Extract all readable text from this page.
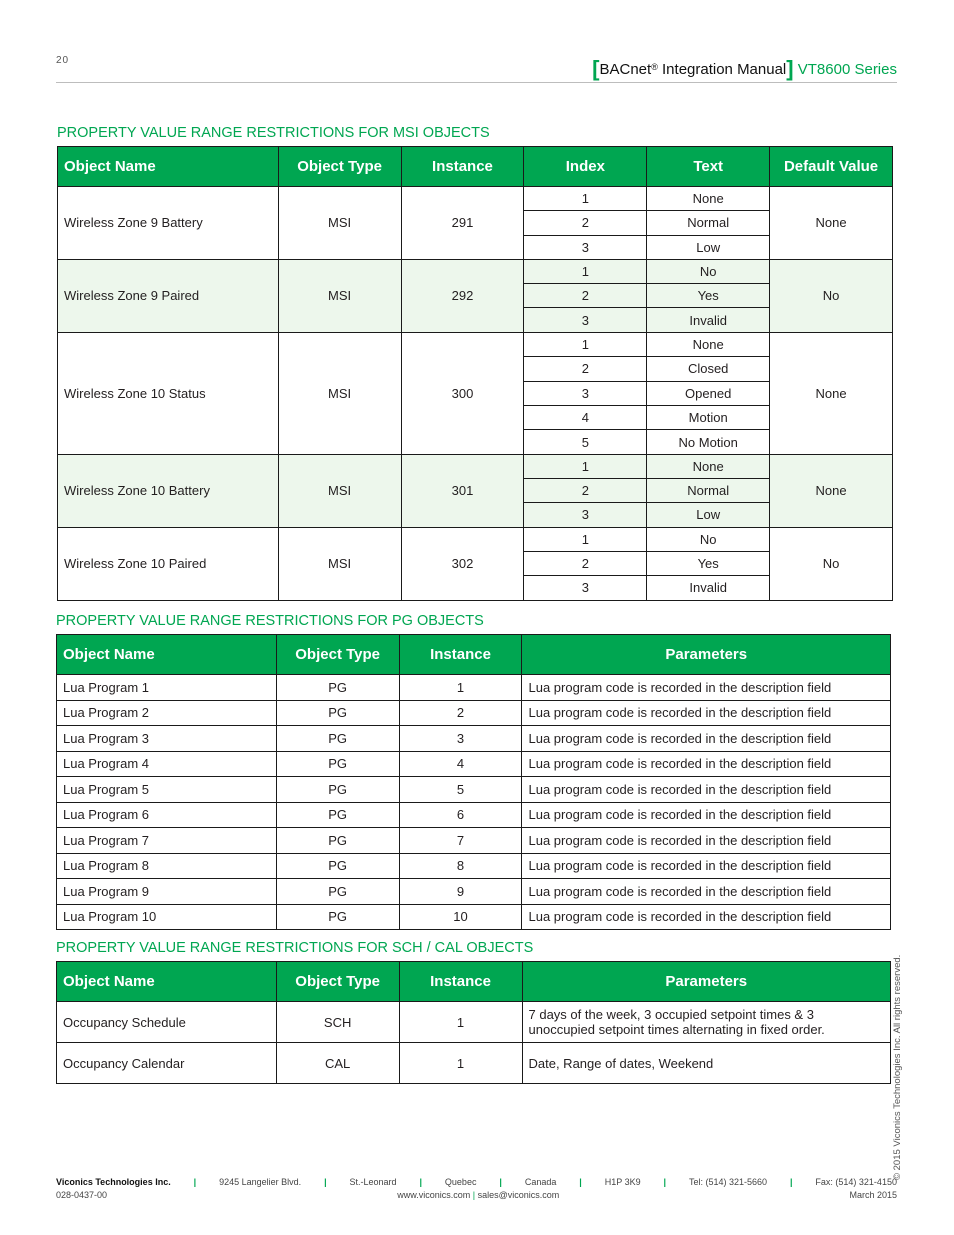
20	[BACnet® Integration Manual] VT8600 Series
PROPERTY VALUE RANGE RESTRICTIONS FOR MSI OBJECTS
Object Name	Object Type	Instance	Index	Text	Default Value
Wireless Zone 9 Battery	MSI	291	1	None	None
			2	Normal	
			3	Low	
Wireless Zone 9 Paired	MSI	292	1	No	No
			2	Yes	
			3	Invalid	
Wireless Zone 10 Status	MSI	300	1	None	None
			2	Closed	
			3	Opened	
			4	Motion	
			5	No Motion	
Wireless Zone 10 Battery	MSI	301	1	None	None
			2	Normal	
			3	Low	
Wireless Zone 10 Paired	MSI	302	1	No	No
			2	Yes	
			3	Invalid	
PROPERTY VALUE RANGE RESTRICTIONS FOR PG OBJECTS
Object Name	Object Type	Instance	Parameters
Lua Program 1	PG	1	Lua program code is recorded in the description field
Lua Program 2	PG	2	Lua program code is recorded in the description field
Lua Program 3	PG	3	Lua program code is recorded in the description field
Lua Program 4	PG	4	Lua program code is recorded in the description field
Lua Program 5	PG	5	Lua program code is recorded in the description field
Lua Program 6	PG	6	Lua program code is recorded in the description field
Lua Program 7	PG	7	Lua program code is recorded in the description field
Lua Program 8	PG	8	Lua program code is recorded in the description field
Lua Program 9	PG	9	Lua program code is recorded in the description field
Lua Program 10	PG	10	Lua program code is recorded in the description field
PROPERTY VALUE RANGE RESTRICTIONS FOR SCH / CAL OBJECTS
Object Name	Object Type	Instance	Parameters
Occupancy Schedule	SCH	1	7 days of the week, 3 occupied setpoint times & 3 unoccupied setpoint times alternating in fixed order.
Occupancy Calendar	CAL	1	Date, Range of dates, Weekend	© 2015 Viconics Technologies Inc. All rights reserved.
Viconics Technologies Inc.	|	9245 Langelier Blvd.	|	St.-Leonard	|	Quebec	|	Canada	|	H1P 3K9	|	Tel: (514) 321-5660	|	Fax: (514) 321-4150
028-0437-00	www.viconics.com | sales@viconics.com	March 2015
